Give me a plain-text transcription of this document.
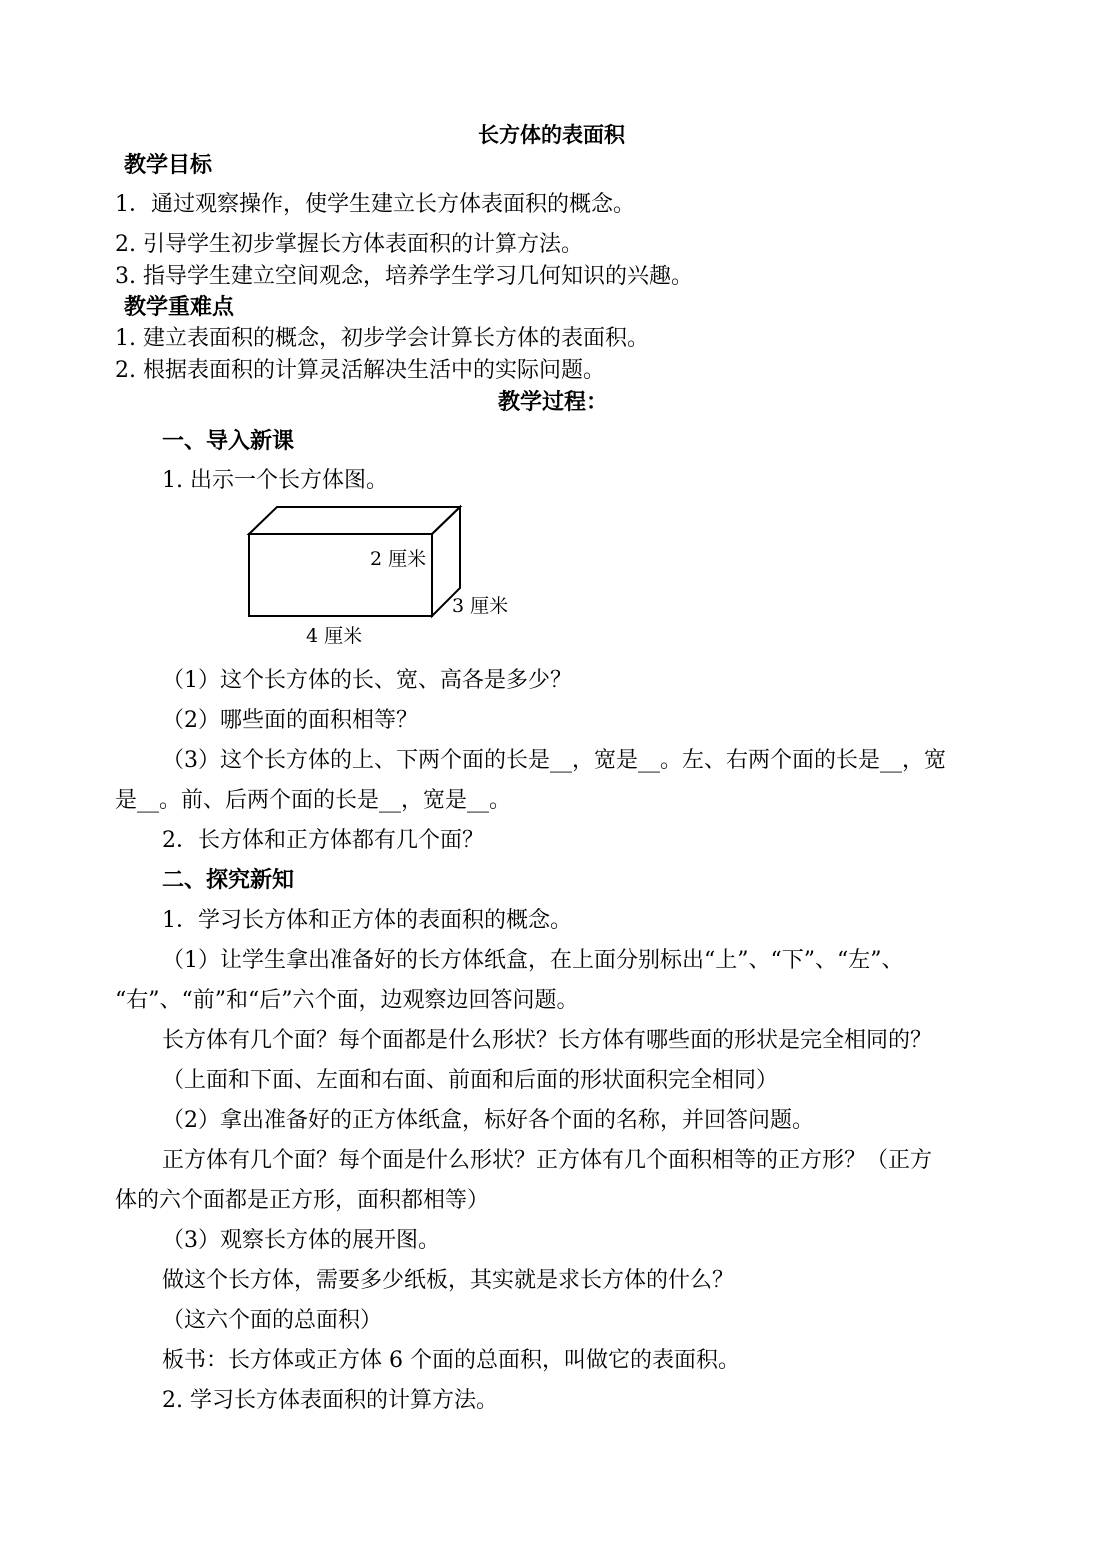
长方体的表面积
教学目标
1．通过观察操作，使学生建立长方体表面积的概念。
2. 引导学生初步掌握长方体表面积的计算方法。
3. 指导学生建立空间观念，培养学生学习几何知识的兴趣。
教学重难点
1. 建立表面积的概念，初步学会计算长方体的表面积。
2. 根据表面积的计算灵活解决生活中的实际问题。
教学过程：
一、导入新课
1. 出示一个长方体图。
2 厘米
3 厘米
4 厘米
（1）这个长方体的长、宽、高各是多少？
（2）哪些面的面积相等？
（3）这个长方体的上、下两个面的长是__，宽是__。左、右两个面的长是__，宽
是__。前、后两个面的长是__，宽是__。
2．长方体和正方体都有几个面？
二、探究新知
1．学习长方体和正方体的表面积的概念。
（1）让学生拿出准备好的长方体纸盒，在上面分别标出“上”、“下”、“左”、
“右”、“前”和“后”六个面，边观察边回答问题。
长方体有几个面？每个面都是什么形状？长方体有哪些面的形状是完全相同的？
（上面和下面、左面和右面、前面和后面的形状面积完全相同）
（2）拿出准备好的正方体纸盒，标好各个面的名称，并回答问题。
正方体有几个面？每个面是什么形状？正方体有几个面积相等的正方形？（正方
体的六个面都是正方形，面积都相等）
（3）观察长方体的展开图。
做这个长方体，需要多少纸板，其实就是求长方体的什么？
（这六个面的总面积）
板书：长方体或正方体 6 个面的总面积，叫做它的表面积。
2. 学习长方体表面积的计算方法。
